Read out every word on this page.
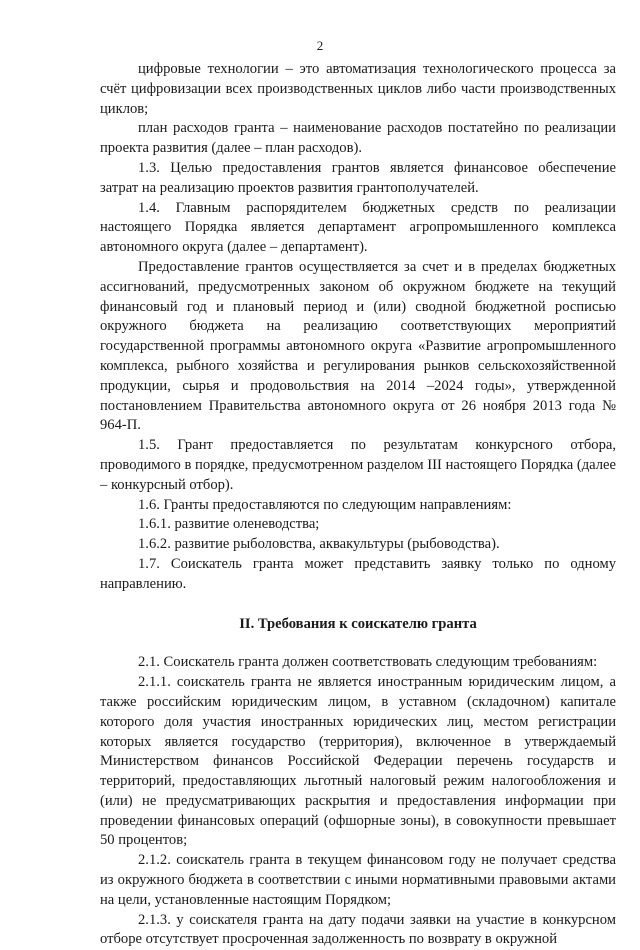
2

цифровые технологии – это автоматизация технологического процесса за счёт цифровизации всех производственных циклов либо части производственных циклов;

план расходов гранта – наименование расходов постатейно по реализации проекта развития (далее – план расходов).

1.3. Целью предоставления грантов является финансовое обеспечение затрат на реализацию проектов развития грантополучателей.

1.4. Главным распорядителем бюджетных средств по реализации настоящего Порядка является департамент агропромышленного комплекса автономного округа (далее – департамент).

Предоставление грантов осуществляется за счет и в пределах бюджетных ассигнований, предусмотренных законом об окружном бюджете на текущий финансовый год и плановый период и (или) сводной бюджетной росписью окружного бюджета на реализацию соответствующих мероприятий государственной программы автономного округа «Развитие агропромышленного комплекса, рыбного хозяйства и регулирования рынков сельскохозяйственной продукции, сырья и продовольствия на 2014 –2024 годы», утвержденной постановлением Правительства автономного округа от 26 ноября 2013 года № 964-П.

1.5. Грант предоставляется по результатам конкурсного отбора, проводимого в порядке, предусмотренном разделом III настоящего Порядка (далее – конкурсный отбор).

1.6. Гранты предоставляются по следующим направлениям:

1.6.1. развитие оленеводства;

1.6.2. развитие рыболовства, аквакультуры (рыбоводства).

1.7. Соискатель гранта может представить заявку только по одному направлению.

II. Требования к соискателю гранта

2.1. Соискатель гранта должен соответствовать следующим требованиям:

2.1.1. соискатель гранта не является иностранным юридическим лицом, а также российским юридическим лицом, в уставном (складочном) капитале которого доля участия иностранных юридических лиц, местом регистрации которых является государство (территория), включенное в утверждаемый Министерством финансов Российской Федерации перечень государств и территорий, предоставляющих льготный налоговый режим налогообложения и (или) не предусматривающих раскрытия и предоставления информации при проведении финансовых операций (офшорные зоны), в совокупности превышает 50 процентов;

2.1.2. соискатель гранта в текущем финансовом году не получает средства из окружного бюджета в соответствии с иными нормативными правовыми актами на цели, установленные настоящим Порядком;

2.1.3. у соискателя гранта на дату подачи заявки на участие в конкурсном отборе отсутствует просроченная задолженность по возврату в окружной
